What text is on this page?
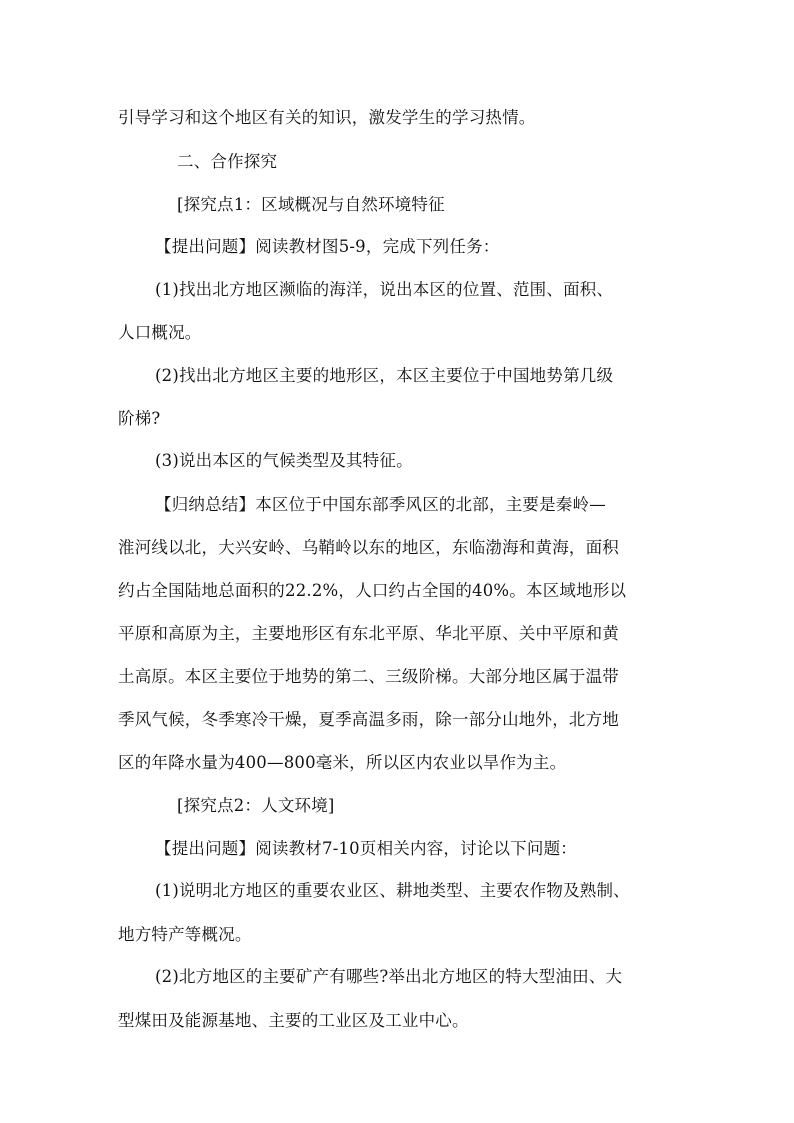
引导学习和这个地区有关的知识，激发学生的学习热情。
二、合作探究
[探究点1：区域概况与自然环境特征
【提出问题】阅读教材图5-9，完成下列任务：
(1)找出北方地区濒临的海洋，说出本区的位置、范围、面积、
人口概况。
(2)找出北方地区主要的地形区，本区主要位于中国地势第几级
阶梯?
(3)说出本区的气候类型及其特征。
【归纳总结】本区位于中国东部季风区的北部，主要是秦岭—
淮河线以北，大兴安岭、乌鞘岭以东的地区，东临渤海和黄海，面积
约占全国陆地总面积的22.2%，人口约占全国的40%。本区域地形以
平原和高原为主，主要地形区有东北平原、华北平原、关中平原和黄
土高原。本区主要位于地势的第二、三级阶梯。大部分地区属于温带
季风气候，冬季寒冷干燥，夏季高温多雨，除一部分山地外，北方地
区的年降水量为400—800毫米，所以区内农业以旱作为主。
[探究点2：人文环境]
【提出问题】阅读教材7-10页相关内容，讨论以下问题：
(1)说明北方地区的重要农业区、耕地类型、主要农作物及熟制、
地方特产等概况。
(2)北方地区的主要矿产有哪些?举出北方地区的特大型油田、大
型煤田及能源基地、主要的工业区及工业中心。
